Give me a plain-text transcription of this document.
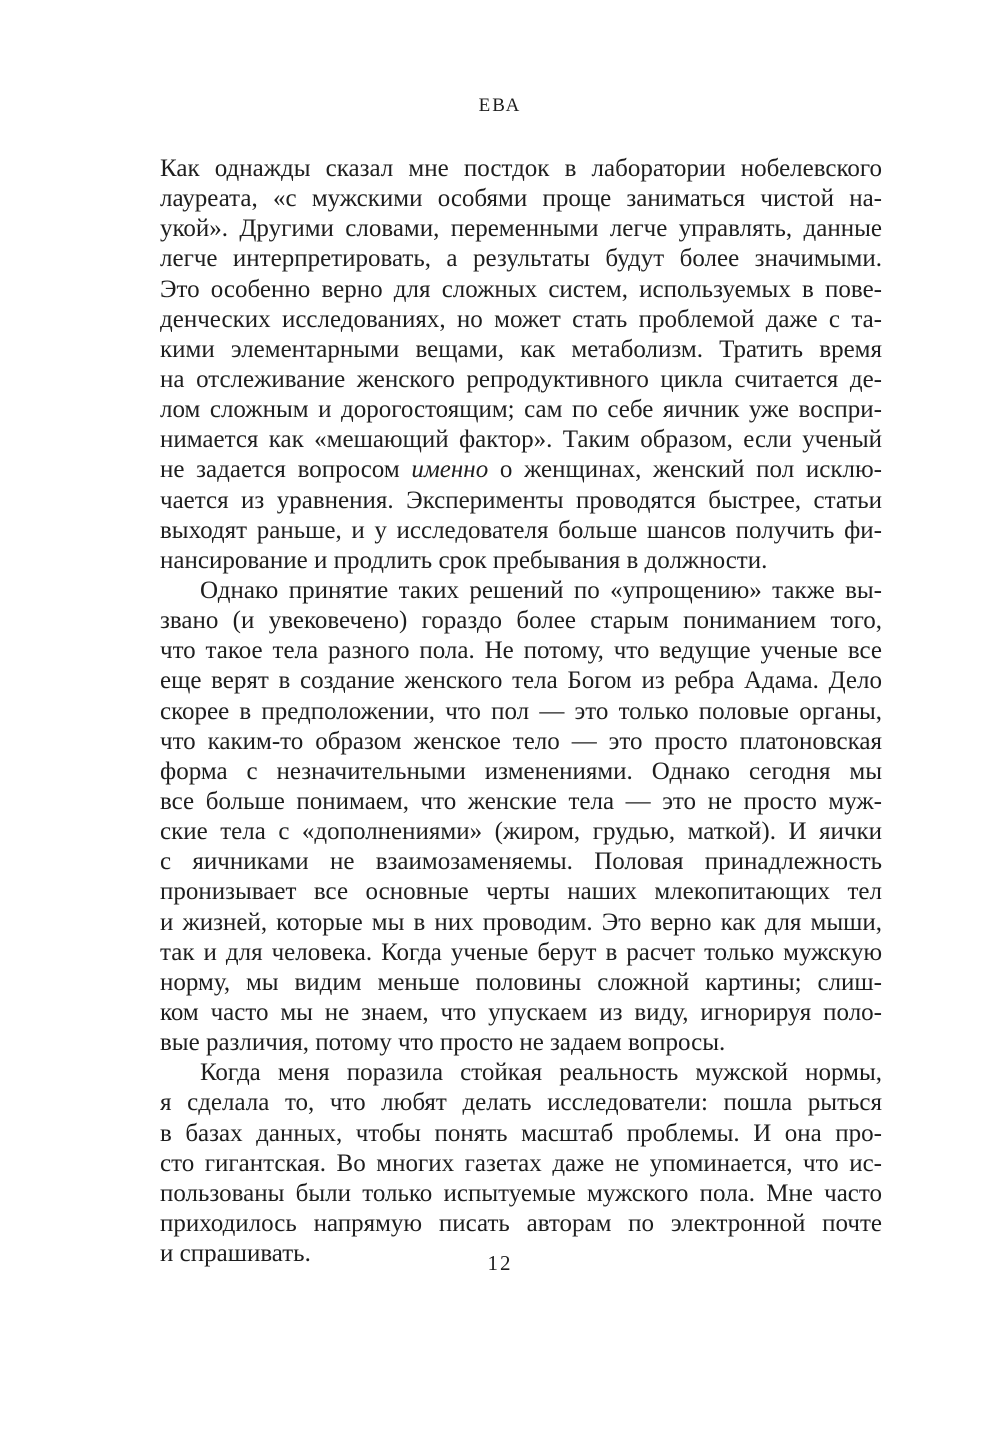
ЕВА
Как однажды сказал мне постдок в лаборатории нобелевского
лауреата, «с мужскими особями проще заниматься чистой на-
укой». Другими словами, переменными легче управлять, данные
легче интерпретировать, а результаты будут более значимыми.
Это особенно верно для сложных систем, используемых в пове-
денческих исследованиях, но может стать проблемой даже с та-
кими элементарными вещами, как метаболизм. Тратить время
на отслеживание женского репродуктивного цикла считается де-
лом сложным и дорогостоящим; сам по себе яичник уже воспри-
нимается как «мешающий фактор». Таким образом, если ученый
не задается вопросом именно о женщинах, женский пол исклю-
чается из уравнения. Эксперименты проводятся быстрее, статьи
выходят раньше, и у исследователя больше шансов получить фи-
нансирование и продлить срок пребывания в должности.
Однако принятие таких решений по «упрощению» также вы-
звано (и увековечено) гораздо более старым пониманием того,
что такое тела разного пола. Не потому, что ведущие ученые все
еще верят в создание женского тела Богом из ребра Адама. Дело
скорее в предположении, что пол — это только половые органы,
что каким-то образом женское тело — это просто платоновская
форма с незначительными изменениями. Однако сегодня мы
все больше понимаем, что женские тела — это не просто муж-
ские тела с «дополнениями» (жиром, грудью, маткой). И яички
с яичниками не взаимозаменяемы. Половая принадлежность
пронизывает все основные черты наших млекопитающих тел
и жизней, которые мы в них проводим. Это верно как для мыши,
так и для человека. Когда ученые берут в расчет только мужскую
норму, мы видим меньше половины сложной картины; слиш-
ком часто мы не знаем, что упускаем из виду, игнорируя поло-
вые различия, потому что просто не задаем вопросы.
Когда меня поразила стойкая реальность мужской нормы,
я сделала то, что любят делать исследователи: пошла рыться
в базах данных, чтобы понять масштаб проблемы. И она про-
сто гигантская. Во многих газетах даже не упоминается, что ис-
пользованы были только испытуемые мужского пола. Мне часто
приходилось напрямую писать авторам по электронной почте
и спрашивать.	12
